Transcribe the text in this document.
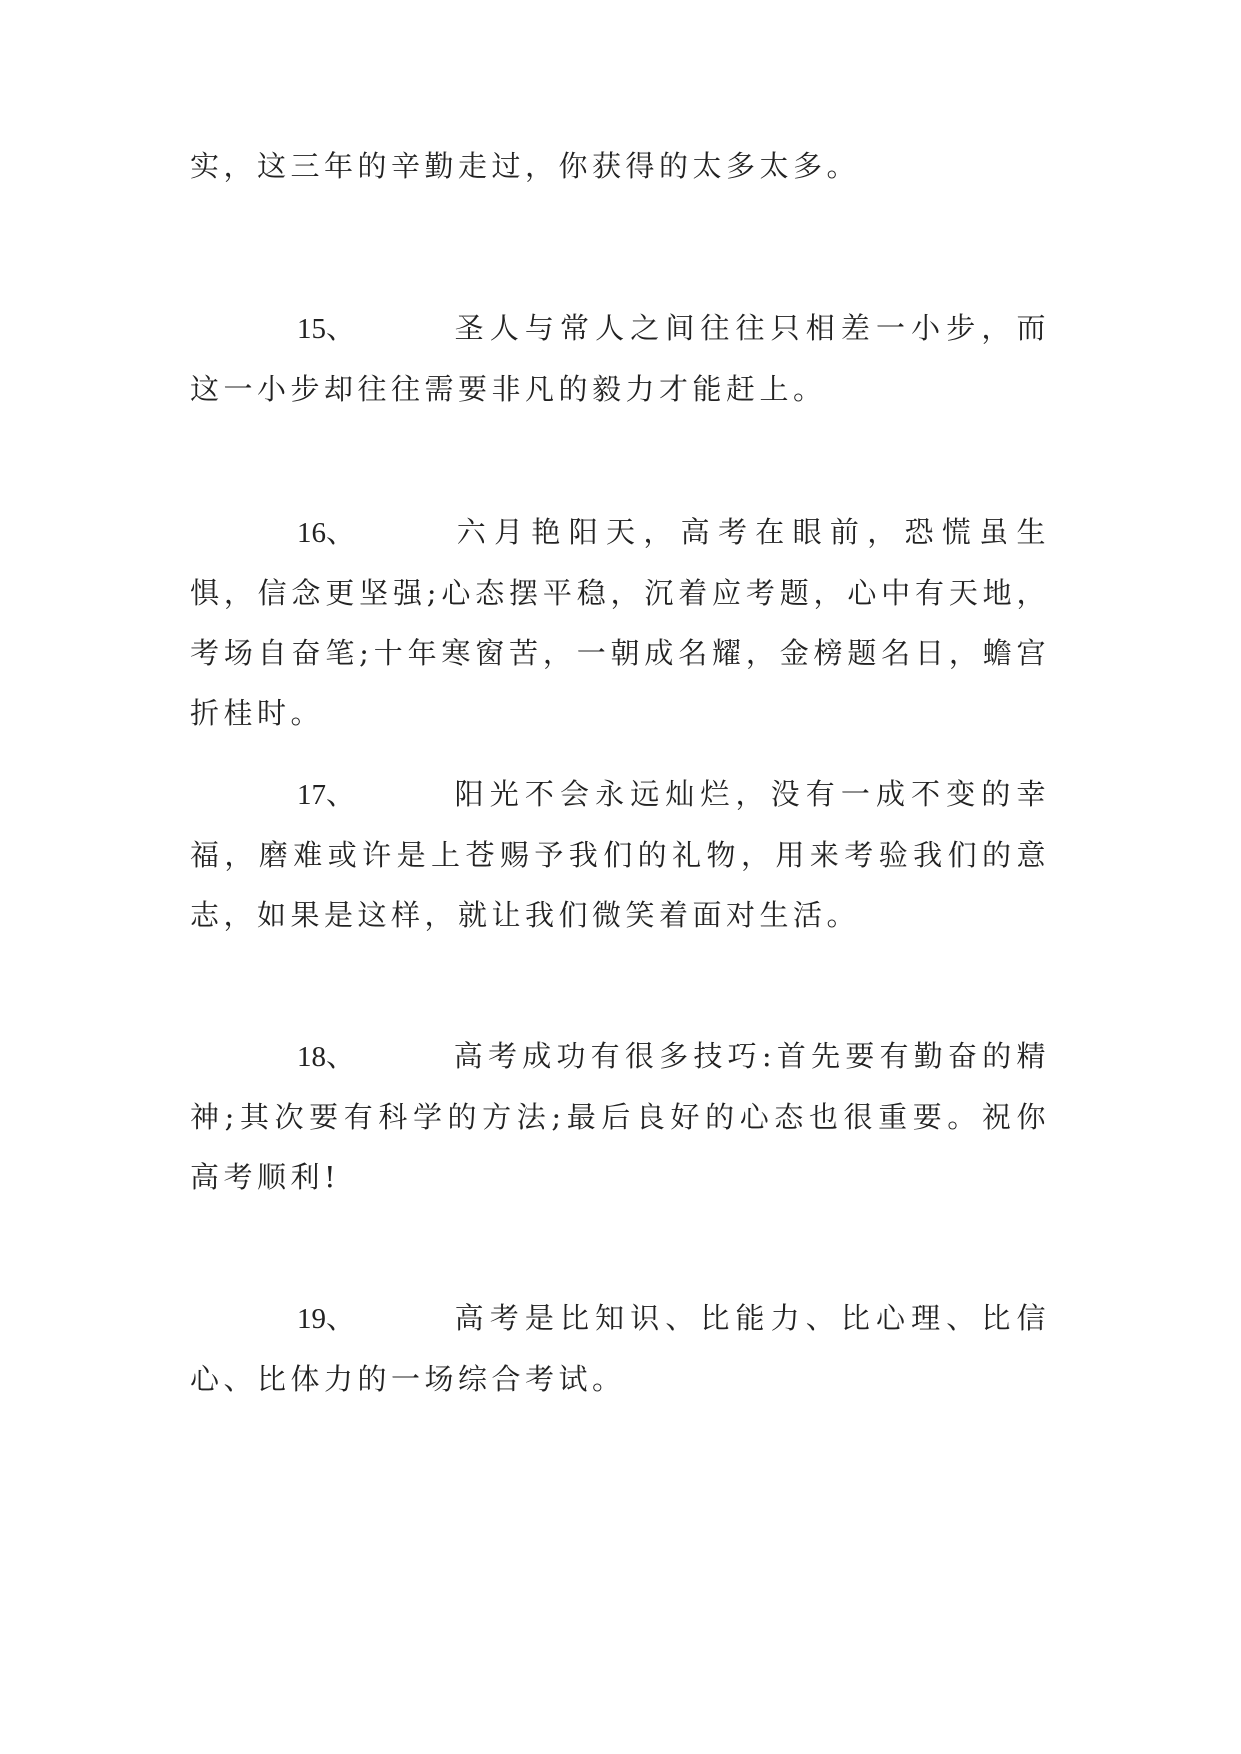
实，这三年的辛勤走过，你获得的太多太多。

15、	圣人与常人之间往往只相差一小步，而这一小步却往往需要非凡的毅力才能赶上。

16、	六月艳阳天，高考在眼前，恐慌虽生惧，信念更坚强;心态摆平稳，沉着应考题，心中有天地，考场自奋笔;十年寒窗苦，一朝成名耀，金榜题名日，蟾宫折桂时。

17、	阳光不会永远灿烂，没有一成不变的幸福，磨难或许是上苍赐予我们的礼物，用来考验我们的意志，如果是这样，就让我们微笑着面对生活。

18、	高考成功有很多技巧:首先要有勤奋的精神;其次要有科学的方法;最后良好的心态也很重要。祝你高考顺利!

19、	高考是比知识、比能力、比心理、比信心、比体力的一场综合考试。
